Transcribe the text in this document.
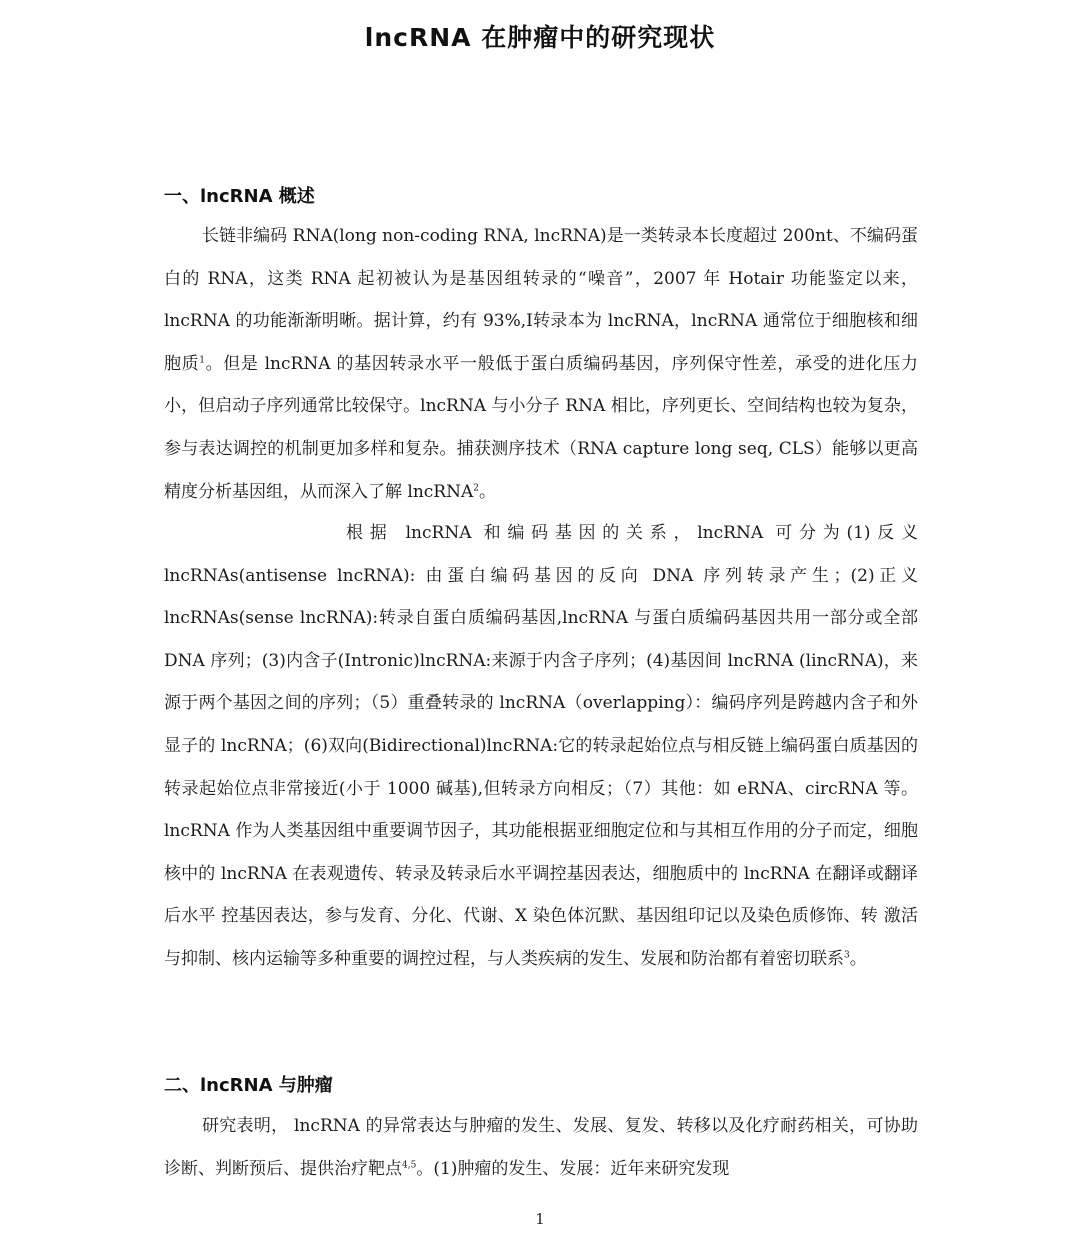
lncRNA 在肿瘤中的研究现状
一、lncRNA 概述

长链非编码 RNA(long non-coding RNA, lncRNA)是一类转录本长度超过 200nt、不编码蛋白的 RNA，这类 RNA 起初被认为是基因组转录的“噪音”，2007 年 Hotair 功能鉴定以来，lncRNA 的功能渐渐明晰。据计算，约有 93%,I转录本为 lncRNA，lncRNA 通常位于细胞核和细胞质$^1$。但是 lncRNA 的基因转录水平一般低于蛋白质编码基因，序列保守性差，承受的进化压力小，但启动子序列通常比较保守。lncRNA 与小分子 RNA 相比，序列更长、空间结构也较为复杂，参与表达调控的机制更加多样和复杂。捕获测序技术（RNA capture long seq, CLS）能够以更高精度分析基因组，从而深入了解 lncRNA$^2$。

根据 lncRNA 和编码基因的关系，lncRNA 可分为(1)反义 lncRNAs(antisense lncRNA): 由蛋白编码基因的反向 DNA 序列转录产生；(2)正义 lncRNAs(sense lncRNA):转录自蛋白质编码基因,lncRNA 与蛋白质编码基因共用一部分或全部 DNA 序列；(3)内含子(Intronic)lncRNA:来源于内含子序列；(4)基因间 lncRNA (lincRNA)，来源于两个基因之间的序列；（5）重叠转录的 lncRNA（overlapping）：编码序列是跨越内含子和外显子的 lncRNA；(6)双向(Bidirectional)lncRNA:它的转录起始位点与相反链上编码蛋白质基因的转录起始位点非常接近(小于 1000 碱基),但转录方向相反；（7）其他：如 eRNA、circRNA 等。lncRNA 作为人类基因组中重要调节因子，其功能根据亚细胞定位和与其相互作用的分子而定，细胞核中的 lncRNA 在表观遗传、转录及转录后水平调控基因表达，细胞质中的 lncRNA 在翻译或翻译后水平 控基因表达，参与发育、分化、代谢、X 染色体沉默、基因组印记以及染色质修饰、转 激活与抑制、核内运输等多种重要的调控过程，与人类疾病的发生、发展和防治都有着密切联系$^3$。

二、lncRNA 与肿瘤

研究表明， lncRNA 的异常表达与肿瘤的发生、发展、复发、转移以及化疗耐药相关，可协助诊断、判断预后、提供治疗靶点$^{4,5}$。(1)肿瘤的发生、发展：近年来研究发现

1
